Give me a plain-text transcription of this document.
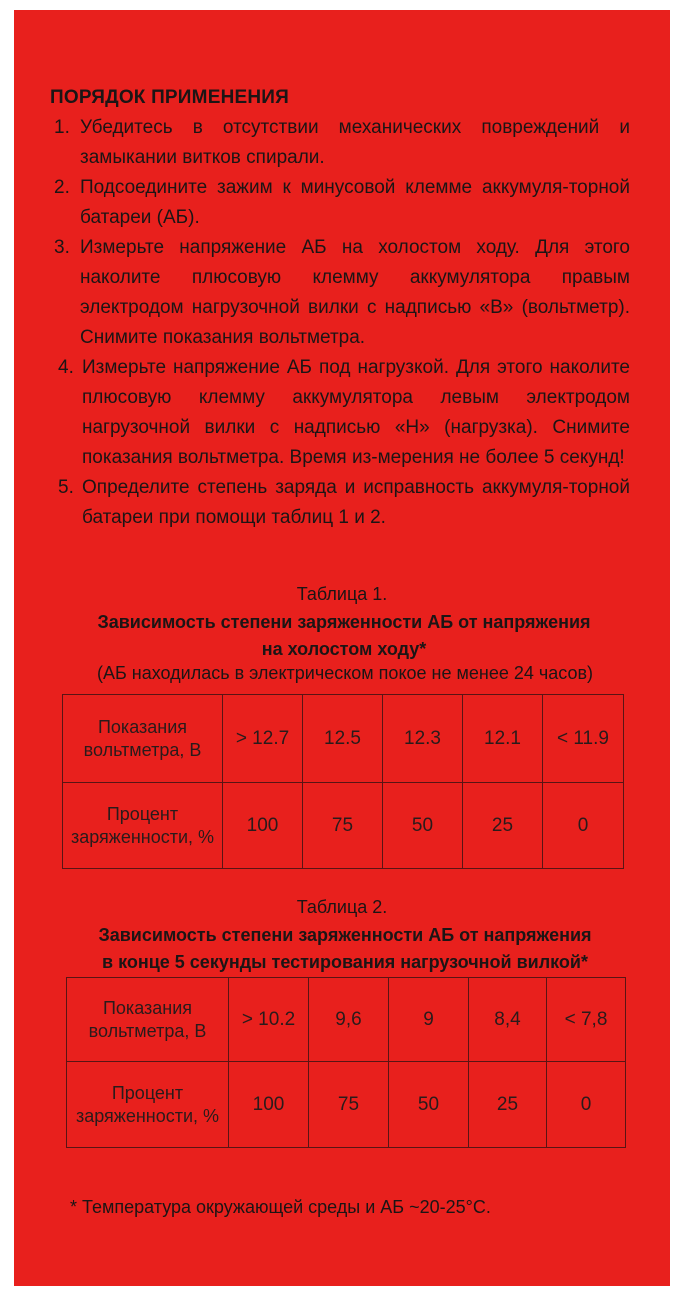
ПОРЯДОК ПРИМЕНЕНИЯ
1. Убедитесь в отсутствии механических повреждений и замыкании витков спирали.
2. Подсоедините зажим к минусовой клемме аккумуля-торной батареи (АБ).
3. Измерьте напряжение АБ на холостом ходу. Для этого наколите плюсовую клемму аккумулятора правым электродом нагрузочной вилки с надписью «В» (вольтметр). Снимите показания вольтметра.
4. Измерьте напряжение АБ под нагрузкой. Для этого наколите плюсовую клемму аккумулятора левым электродом нагрузочной вилки с надписью «Н» (нагрузка). Снимите показания вольтметра. Время из-мерения не более 5 секунд!
5. Определите степень заряда и исправность аккумуля-торной батареи при помощи таблиц 1 и 2.
Таблица 1.
Зависимость степени заряженности АБ от напряжения
на холостом ходу*
(АБ находилась в электрическом покое не менее 24 часов)
Показания вольтметра, В	> 12.7	12.5	12.3	12.1	< 11.9
Процент заряженности, %	100	75	50	25	0
Таблица 2.
Зависимость степени заряженности АБ от напряжения
в конце 5 секунды тестирования нагрузочной вилкой*
Показания вольтметра, В	> 10.2	9,6	9	8,4	< 7,8
Процент заряженности, %	100	75	50	25	0
* Температура окружающей среды и АБ ~20-25°С.
